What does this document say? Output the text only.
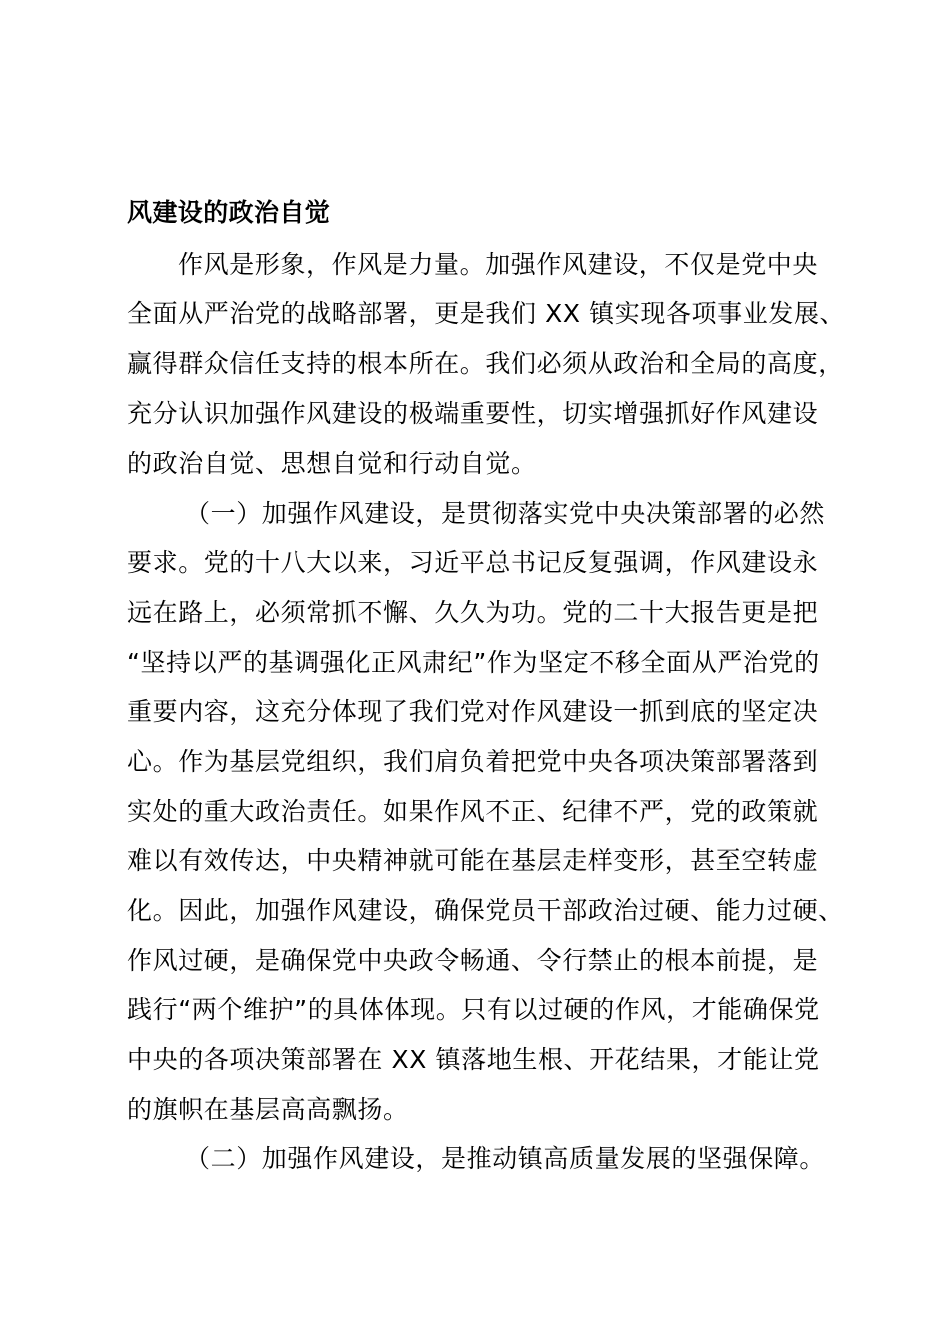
风建设的政治自觉
作风是形象，作风是力量。加强作风建设，不仅是党中央
全面从严治党的战略部署，更是我们 XX 镇实现各项事业发展、
赢得群众信任支持的根本所在。我们必须从政治和全局的高度，
充分认识加强作风建设的极端重要性，切实增强抓好作风建设
的政治自觉、思想自觉和行动自觉。
（一）加强作风建设，是贯彻落实党中央决策部署的必然
要求。党的十八大以来，习近平总书记反复强调，作风建设永
远在路上，必须常抓不懈、久久为功。党的二十大报告更是把
“坚持以严的基调强化正风肃纪”作为坚定不移全面从严治党的
重要内容，这充分体现了我们党对作风建设一抓到底的坚定决
心。作为基层党组织，我们肩负着把党中央各项决策部署落到
实处的重大政治责任。如果作风不正、纪律不严，党的政策就
难以有效传达，中央精神就可能在基层走样变形，甚至空转虚
化。因此，加强作风建设，确保党员干部政治过硬、能力过硬、
作风过硬，是确保党中央政令畅通、令行禁止的根本前提，是
践行“两个维护”的具体体现。只有以过硬的作风，才能确保党
中央的各项决策部署在 XX 镇落地生根、开花结果，才能让党
的旗帜在基层高高飘扬。
（二）加强作风建设，是推动镇高质量发展的坚强保障。
